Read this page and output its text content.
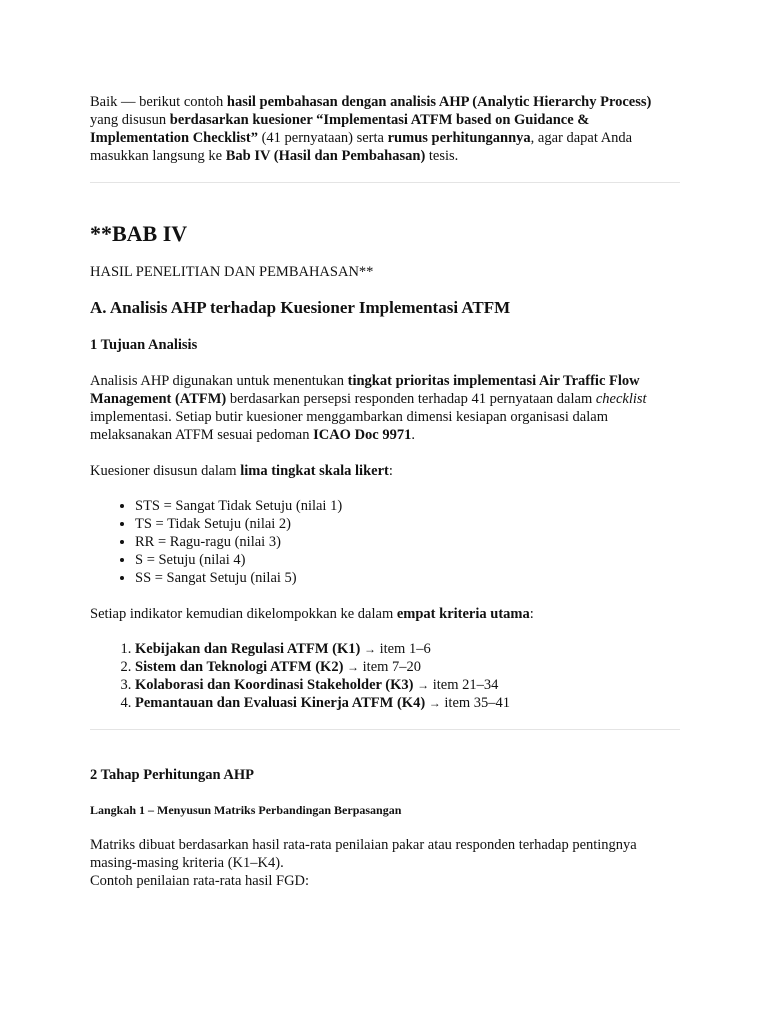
Baik — berikut contoh hasil pembahasan dengan analisis AHP (Analytic Hierarchy Process) yang disusun berdasarkan kuesioner “Implementasi ATFM based on Guidance & Implementation Checklist” (41 pernyataan) serta rumus perhitungannya, agar dapat Anda masukkan langsung ke Bab IV (Hasil dan Pembahasan) tesis.

**BAB IV

HASIL PENELITIAN DAN PEMBAHASAN**

A. Analisis AHP terhadap Kuesioner Implementasi ATFM
1 Tujuan Analisis

Analisis AHP digunakan untuk menentukan tingkat prioritas implementasi Air Traffic Flow Management (ATFM) berdasarkan persepsi responden terhadap 41 pernyataan dalam checklist implementasi. Setiap butir kuesioner menggambarkan dimensi kesiapan organisasi dalam melaksanakan ATFM sesuai pedoman ICAO Doc 9971.

Kuesioner disusun dalam lima tingkat skala likert:

• STS = Sangat Tidak Setuju (nilai 1)
• TS = Tidak Setuju (nilai 2)
• RR = Ragu-ragu (nilai 3)
• S = Setuju (nilai 4)
• SS = Sangat Setuju (nilai 5)

Setiap indikator kemudian dikelompokkan ke dalam empat kriteria utama:

1. Kebijakan dan Regulasi ATFM (K1) → item 1–6
2. Sistem dan Teknologi ATFM (K2) → item 7–20
3. Kolaborasi dan Koordinasi Stakeholder (K3) → item 21–34
4. Pemantauan dan Evaluasi Kinerja ATFM (K4) → item 35–41
2 Tahap Perhitungan AHP
Langkah 1 – Menyusun Matriks Perbandingan Berpasangan

Matriks dibuat berdasarkan hasil rata-rata penilaian pakar atau responden terhadap pentingnya masing-masing kriteria (K1–K4).
Contoh penilaian rata-rata hasil FGD:
